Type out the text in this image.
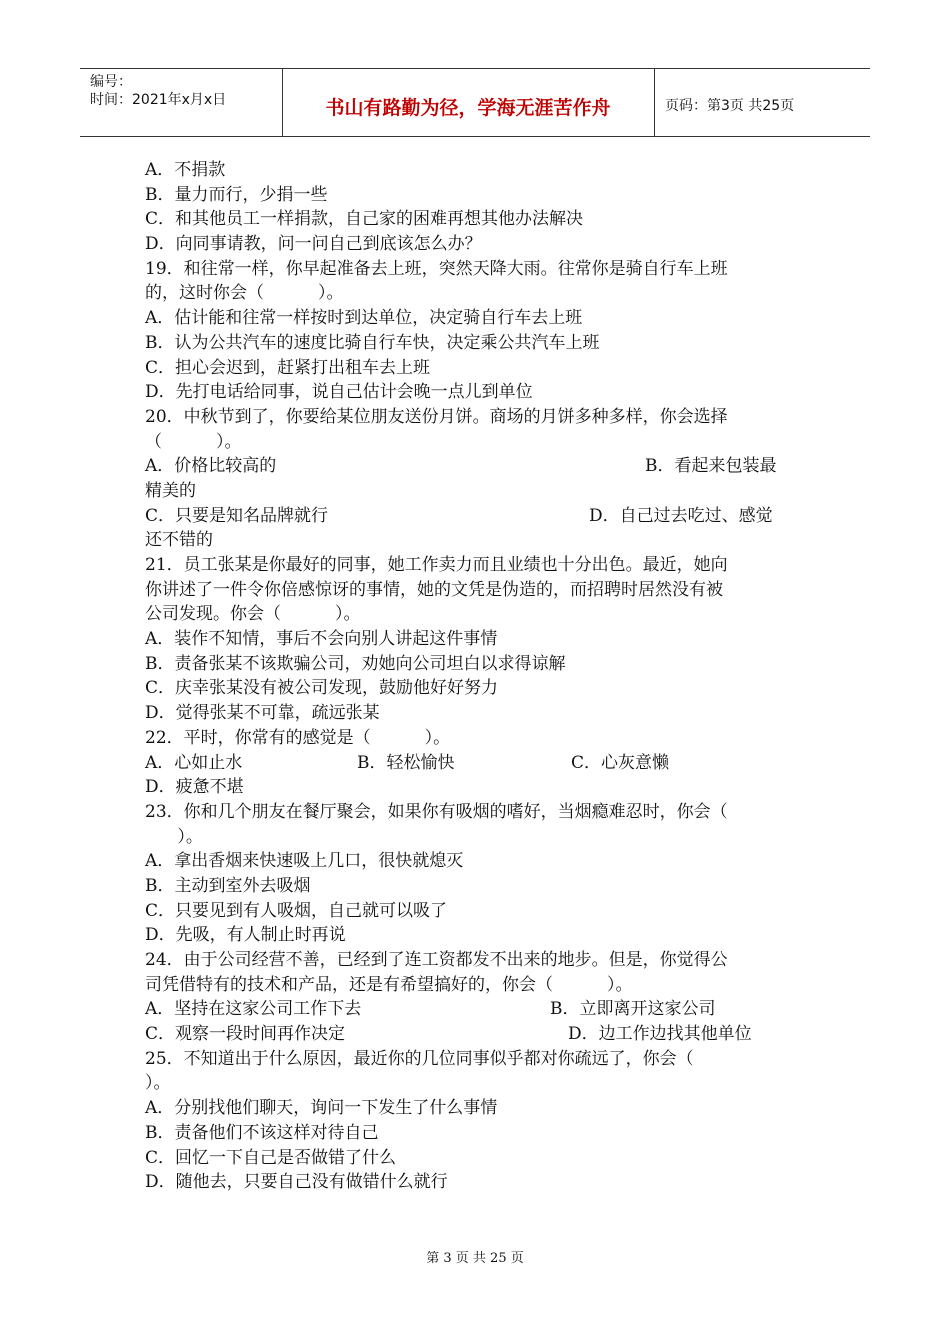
编号：
时间：2021年x月x日	书山有路勤为径，学海无涯苦作舟	页码：第3页 共25页
A．不捐款
B．量力而行，少捐一些
C．和其他员工一样捐款，自己家的困难再想其他办法解决
D．向同事请教，问一问自己到底该怎么办？
19．和往常一样，你早起准备去上班，突然天降大雨。往常你是骑自行车上班
的，这时你会（          ）。
A．估计能和往常一样按时到达单位，决定骑自行车去上班
B．认为公共汽车的速度比骑自行车快，决定乘公共汽车上班
C．担心会迟到，赶紧打出租车去上班
D．先打电话给同事，说自己估计会晚一点儿到单位
20．中秋节到了，你要给某位朋友送份月饼。商场的月饼多种多样，你会选择
（          ）。

A．价格比较高的

	B．看起来包装最

精美的

C．只要是知名品牌就行

	D．自己过去吃过、感觉

还不错的
21．员工张某是你最好的同事，她工作卖力而且业绩也十分出色。最近，她向
你讲述了一件令你倍感惊讶的事情，她的文凭是伪造的，而招聘时居然没有被
公司发现。你会（          ）。
A．装作不知情，事后不会向别人讲起这件事情
B．责备张某不该欺骗公司，劝她向公司坦白以求得谅解
C．庆幸张某没有被公司发现，鼓励他好好努力
D．觉得张某不可靠，疏远张某
22．平时，你常有的感觉是（          ）。

A．心如止水

	B．轻松愉快

	C．心灰意懒

D．疲惫不堪
23．你和几个朋友在餐厅聚会，如果你有吸烟的嗜好，当烟瘾难忍时，你会（
）。
A．拿出香烟来快速吸上几口，很快就熄灭
B．主动到室外去吸烟
C．只要见到有人吸烟，自己就可以吸了
D．先吸，有人制止时再说
24．由于公司经营不善，已经到了连工资都发不出来的地步。但是，你觉得公
司凭借特有的技术和产品，还是有希望搞好的，你会（          ）。

A．坚持在这家公司工作下去

	B．立即离开这家公司

C．观察一段时间再作决定

	D．边工作边找其他单位

25．不知道出于什么原因，最近你的几位同事似乎都对你疏远了，你会（
）。
A．分别找他们聊天，询问一下发生了什么事情
B．责备他们不该这样对待自己
C．回忆一下自己是否做错了什么
D．随他去，只要自己没有做错什么就行
第 3 页 共 25 页
